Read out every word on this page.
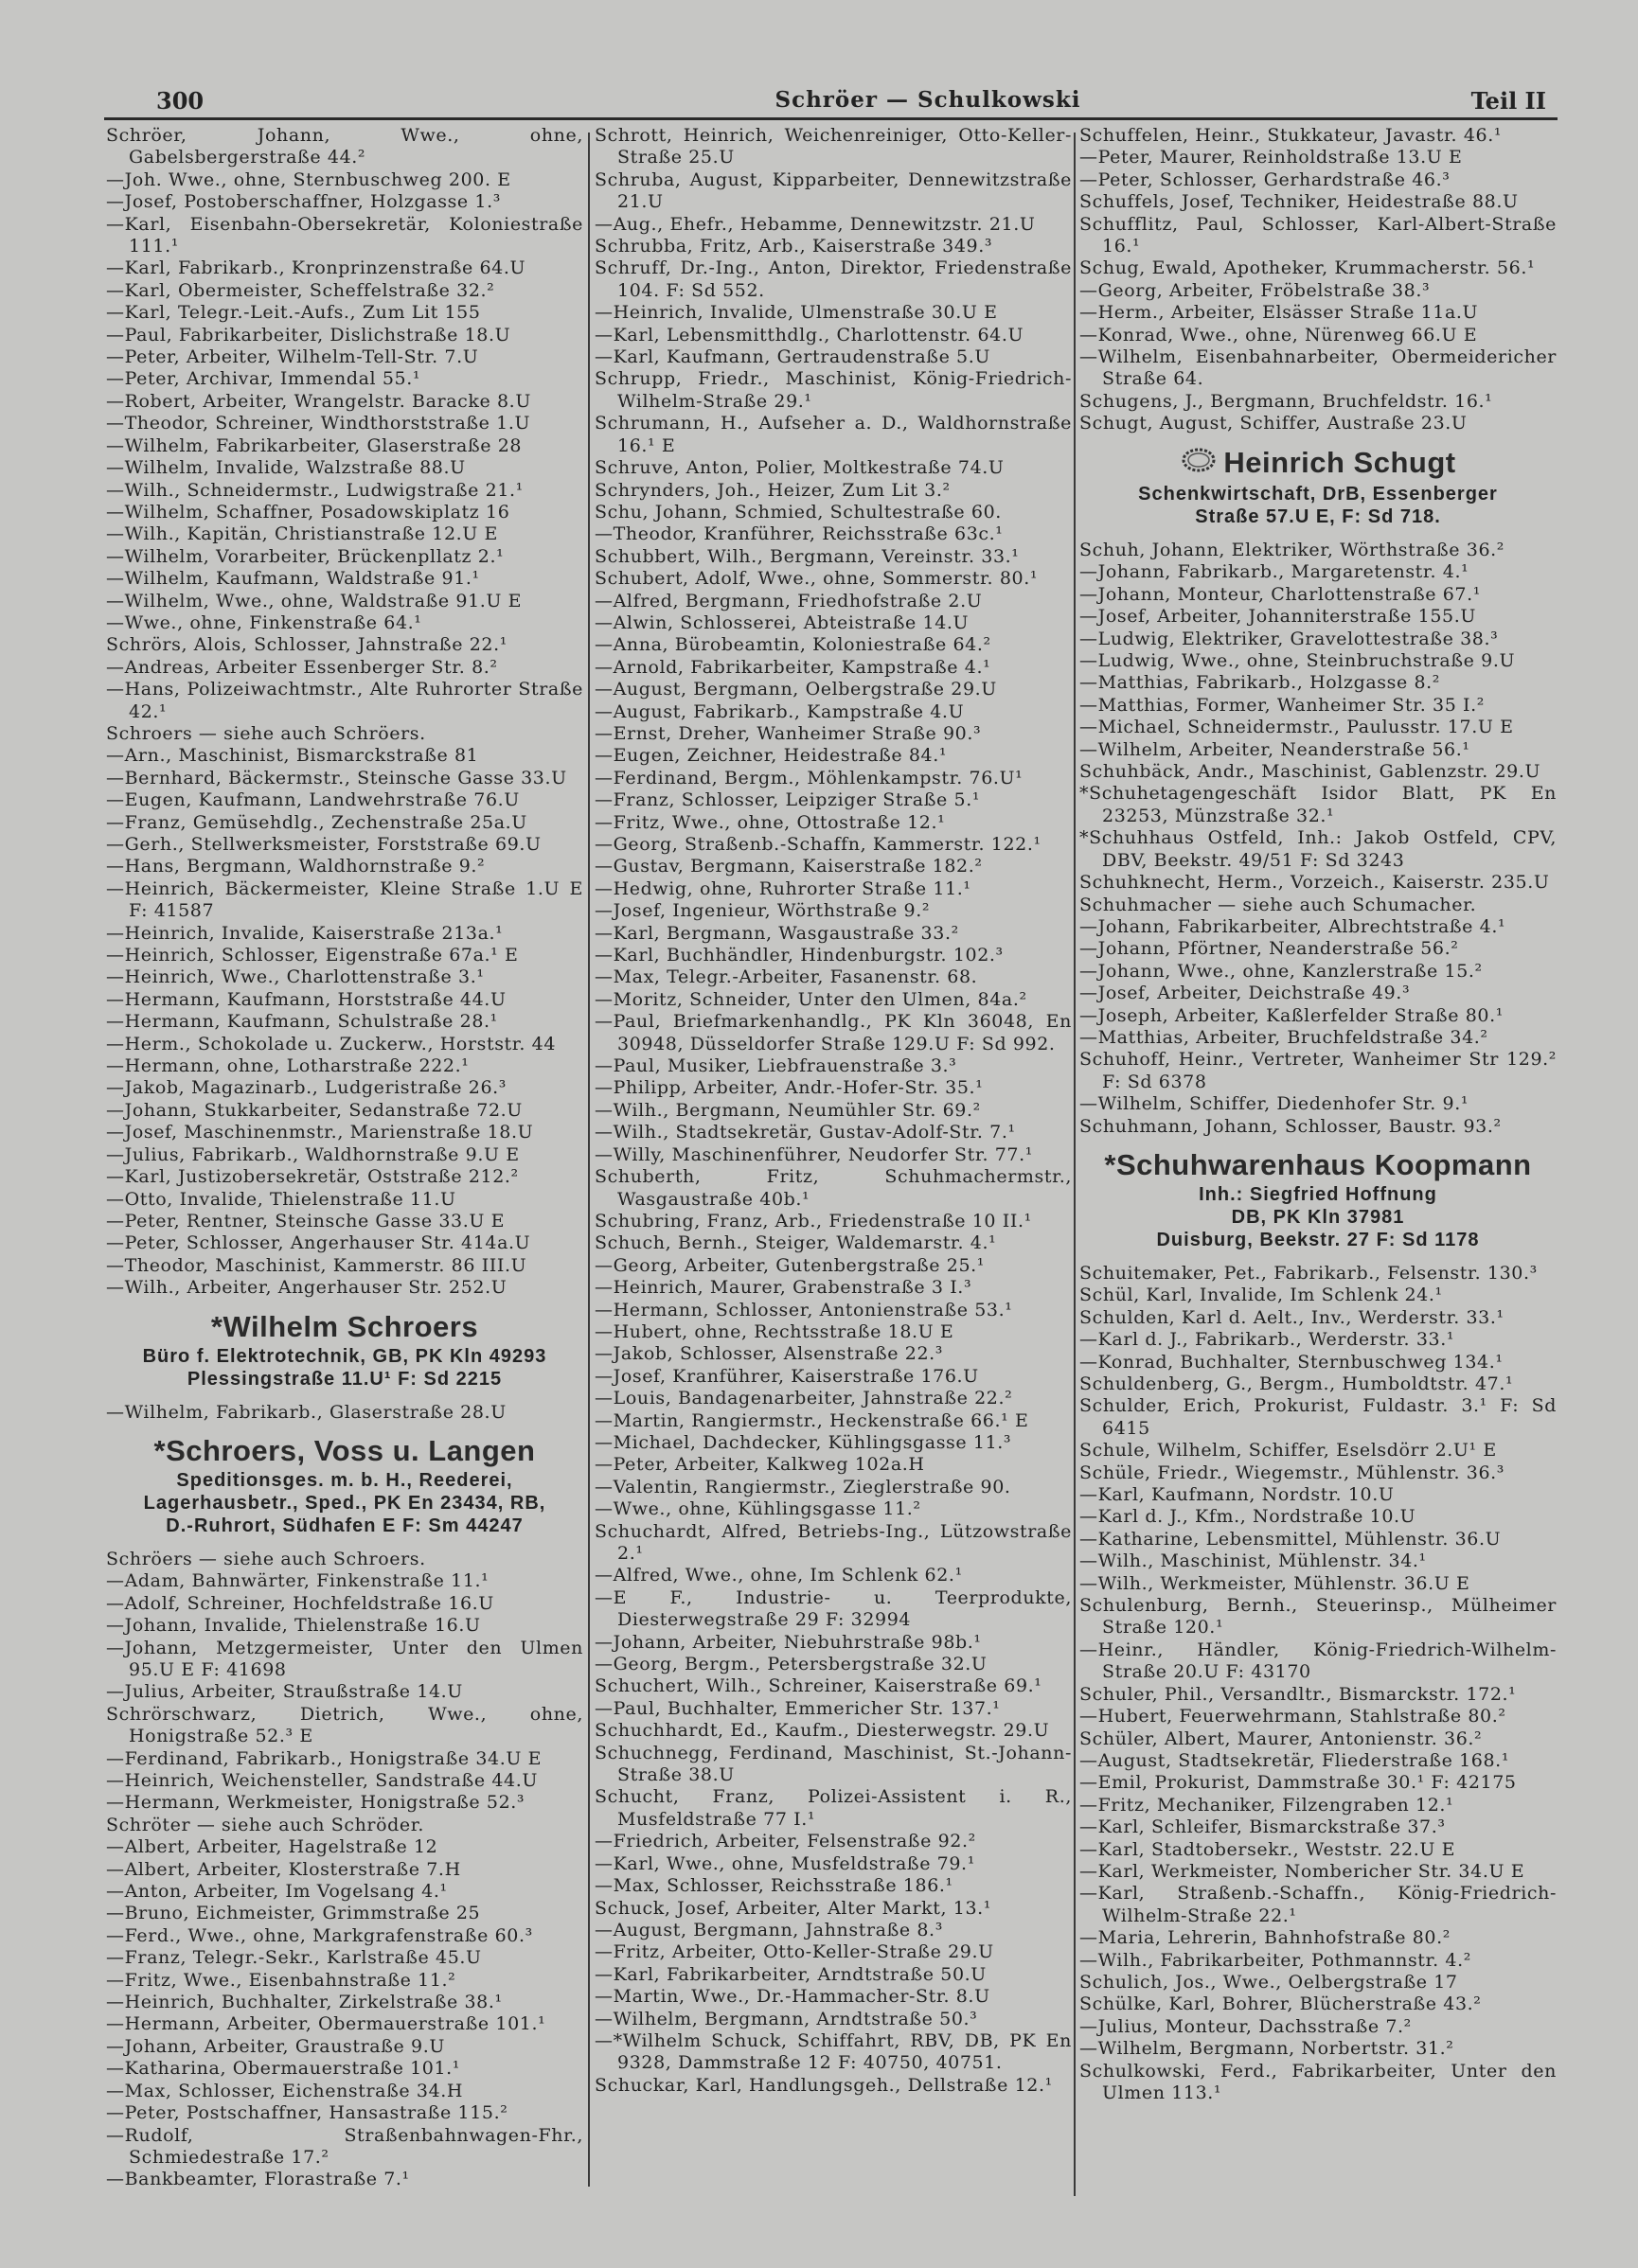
300	Schröer — Schulkowski	Teil II
Schröer, Johann, Wwe., ohne, Gabelsbergerstraße 44.²
—Joh. Wwe., ohne, Sternbuschweg 200. E
—Josef, Postoberschaffner, Holzgasse 1.³
—Karl, Eisenbahn-Obersekretär, Koloniestraße 111.¹
—Karl, Fabrikarb., Kronprinzenstraße 64.U
—Karl, Obermeister, Scheffelstraße 32.²
—Karl, Telegr.-Leit.-Aufs., Zum Lit 155
—Paul, Fabrikarbeiter, Dislichstraße 18.U
—Peter, Arbeiter, Wilhelm-Tell-Str. 7.U
—Peter, Archivar, Immendal 55.¹
—Robert, Arbeiter, Wrangelstr. Baracke 8.U
—Theodor, Schreiner, Windthorststraße 1.U
—Wilhelm, Fabrikarbeiter, Glaserstraße 28
—Wilhelm, Invalide, Walzstraße 88.U
—Wilh., Schneidermstr., Ludwigstraße 21.¹
—Wilhelm, Schaffner, Posadowskiplatz 16
—Wilh., Kapitän, Christianstraße 12.U E
—Wilhelm, Vorarbeiter, Brückenpllatz 2.¹
—Wilhelm, Kaufmann, Waldstraße 91.¹
—Wilhelm, Wwe., ohne, Waldstraße 91.U E
—Wwe., ohne, Finkenstraße 64.¹
Schrörs, Alois, Schlosser, Jahnstraße 22.¹
—Andreas, Arbeiter Essenberger Str. 8.²
—Hans, Polizeiwachtmstr., Alte Ruhrorter Straße 42.¹
Schroers — siehe auch Schröers.
—Arn., Maschinist, Bismarckstraße 81
—Bernhard, Bäckermstr., Steinsche Gasse 33.U
—Eugen, Kaufmann, Landwehrstraße 76.U
—Franz, Gemüsehdlg., Zechenstraße 25a.U
—Gerh., Stellwerksmeister, Forststraße 69.U
—Hans, Bergmann, Waldhornstraße 9.²
—Heinrich, Bäckermeister, Kleine Straße 1.U E F: 41587
—Heinrich, Invalide, Kaiserstraße 213a.¹
—Heinrich, Schlosser, Eigenstraße 67a.¹ E
—Heinrich, Wwe., Charlottenstraße 3.¹
—Hermann, Kaufmann, Horststraße 44.U
—Hermann, Kaufmann, Schulstraße 28.¹
—Herm., Schokolade u. Zuckerw., Horststr. 44
—Hermann, ohne, Lotharstraße 222.¹
—Jakob, Magazinarb., Ludgeristraße 26.³
—Johann, Stukkarbeiter, Sedanstraße 72.U
—Josef, Maschinenmstr., Marienstraße 18.U
—Julius, Fabrikarb., Waldhornstraße 9.U E
—Karl, Justizobersekretär, Oststraße 212.²
—Otto, Invalide, Thielenstraße 11.U
—Peter, Rentner, Steinsche Gasse 33.U E
—Peter, Schlosser, Angerhauser Str. 414a.U
—Theodor, Maschinist, Kammerstr. 86 III.U
—Wilh., Arbeiter, Angerhauser Str. 252.U
*Wilhelm Schroers
Büro f. Elektrotechnik, GB, PK Kln 49293
Plessingstraße 11.U¹ F: Sd 2215
—Wilhelm, Fabrikarb., Glaserstraße 28.U
*Schroers, Voss u. Langen
Speditionsges. m. b. H., Reederei,
Lagerhausbetr., Sped., PK En 23434, RB,
D.-Ruhrort, Südhafen E F: Sm 44247
Schröers — siehe auch Schroers.
—Adam, Bahnwärter, Finkenstraße 11.¹
—Adolf, Schreiner, Hochfeldstraße 16.U
—Johann, Invalide, Thielenstraße 16.U
—Johann, Metzgermeister, Unter den Ulmen 95.U E F: 41698
—Julius, Arbeiter, Straußstraße 14.U
Schrörschwarz, Dietrich, Wwe., ohne, Honigstraße 52.³ E
—Ferdinand, Fabrikarb., Honigstraße 34.U E
—Heinrich, Weichensteller, Sandstraße 44.U
—Hermann, Werkmeister, Honigstraße 52.³
Schröter — siehe auch Schröder.
—Albert, Arbeiter, Hagelstraße 12
—Albert, Arbeiter, Klosterstraße 7.H
—Anton, Arbeiter, Im Vogelsang 4.¹
—Bruno, Eichmeister, Grimmstraße 25
—Ferd., Wwe., ohne, Markgrafenstraße 60.³
—Franz, Telegr.-Sekr., Karlstraße 45.U
—Fritz, Wwe., Eisenbahnstraße 11.²
—Heinrich, Buchhalter, Zirkelstraße 38.¹
—Hermann, Arbeiter, Obermauerstraße 101.¹
—Johann, Arbeiter, Graustraße 9.U
—Katharina, Obermauerstraße 101.¹
—Max, Schlosser, Eichenstraße 34.H
—Peter, Postschaffner, Hansastraße 115.²
—Rudolf, Straßenbahnwagen-Fhr., Schmiedestraße 17.²
—Bankbeamter, Florastraße 7.¹
Schrott, Heinrich, Weichenreiniger, Otto-Keller-Straße 25.U
Schruba, August, Kipparbeiter, Dennewitzstraße 21.U
—Aug., Ehefr., Hebamme, Dennewitzstr. 21.U
Schrubba, Fritz, Arb., Kaiserstraße 349.³
Schruff, Dr.-Ing., Anton, Direktor, Friedenstraße 104. F: Sd 552.
—Heinrich, Invalide, Ulmenstraße 30.U E
—Karl, Lebensmitthdlg., Charlottenstr. 64.U
—Karl, Kaufmann, Gertraudenstraße 5.U
Schrupp, Friedr., Maschinist, König-Friedrich-Wilhelm-Straße 29.¹
Schrumann, H., Aufseher a. D., Waldhornstraße 16.¹ E
Schruve, Anton, Polier, Moltkestraße 74.U
Schrynders, Joh., Heizer, Zum Lit 3.²
Schu, Johann, Schmied, Schultestraße 60.
—Theodor, Kranführer, Reichsstraße 63c.¹
Schubbert, Wilh., Bergmann, Vereinstr. 33.¹
Schubert, Adolf, Wwe., ohne, Sommerstr. 80.¹
—Alfred, Bergmann, Friedhofstraße 2.U
—Alwin, Schlosserei, Abteistraße 14.U
—Anna, Bürobeamtin, Koloniestraße 64.²
—Arnold, Fabrikarbeiter, Kampstraße 4.¹
—August, Bergmann, Oelbergstraße 29.U
—August, Fabrikarb., Kampstraße 4.U
—Ernst, Dreher, Wanheimer Straße 90.³
—Eugen, Zeichner, Heidestraße 84.¹
—Ferdinand, Bergm., Möhlenkampstr. 76.U¹
—Franz, Schlosser, Leipziger Straße 5.¹
—Fritz, Wwe., ohne, Ottostraße 12.¹
—Georg, Straßenb.-Schaffn, Kammerstr. 122.¹
—Gustav, Bergmann, Kaiserstraße 182.²
—Hedwig, ohne, Ruhrorter Straße 11.¹
—Josef, Ingenieur, Wörthstraße 9.²
—Karl, Bergmann, Wasgaustraße 33.²
—Karl, Buchhändler, Hindenburgstr. 102.³
—Max, Telegr.-Arbeiter, Fasanenstr. 68.
—Moritz, Schneider, Unter den Ulmen, 84a.²
—Paul, Briefmarkenhandlg., PK Kln 36048, En 30948, Düsseldorfer Straße 129.U F: Sd 992.
—Paul, Musiker, Liebfrauenstraße 3.³
—Philipp, Arbeiter, Andr.-Hofer-Str. 35.¹
—Wilh., Bergmann, Neumühler Str. 69.²
—Wilh., Stadtsekretär, Gustav-Adolf-Str. 7.¹
—Willy, Maschinenführer, Neudorfer Str. 77.¹
Schuberth, Fritz, Schuhmachermstr., Wasgaustraße 40b.¹
Schubring, Franz, Arb., Friedenstraße 10 II.¹
Schuch, Bernh., Steiger, Waldemarstr. 4.¹
—Georg, Arbeiter, Gutenbergstraße 25.¹
—Heinrich, Maurer, Grabenstraße 3 I.³
—Hermann, Schlosser, Antonienstraße 53.¹
—Hubert, ohne, Rechtsstraße 18.U E
—Jakob, Schlosser, Alsenstraße 22.³
—Josef, Kranführer, Kaiserstraße 176.U
—Louis, Bandagenarbeiter, Jahnstraße 22.²
—Martin, Rangiermstr., Heckenstraße 66.¹ E
—Michael, Dachdecker, Kühlingsgasse 11.³
—Peter, Arbeiter, Kalkweg 102a.H
—Valentin, Rangiermstr., Zieglerstraße 90.
—Wwe., ohne, Kühlingsgasse 11.²
Schuchardt, Alfred, Betriebs-Ing., Lützowstraße 2.¹
—Alfred, Wwe., ohne, Im Schlenk 62.¹
—E F., Industrie- u. Teerprodukte, Diesterwegstraße 29 F: 32994
—Johann, Arbeiter, Niebuhrstraße 98b.¹
—Georg, Bergm., Petersbergstraße 32.U
Schuchert, Wilh., Schreiner, Kaiserstraße 69.¹
—Paul, Buchhalter, Emmericher Str. 137.¹
Schuchhardt, Ed., Kaufm., Diesterwegstr. 29.U
Schuchnegg, Ferdinand, Maschinist, St.-Johann-Straße 38.U
Schucht, Franz, Polizei-Assistent i. R., Musfeldstraße 77 I.¹
—Friedrich, Arbeiter, Felsenstraße 92.²
—Karl, Wwe., ohne, Musfeldstraße 79.¹
—Max, Schlosser, Reichsstraße 186.¹
Schuck, Josef, Arbeiter, Alter Markt, 13.¹
—August, Bergmann, Jahnstraße 8.³
—Fritz, Arbeiter, Otto-Keller-Straße 29.U
—Karl, Fabrikarbeiter, Arndtstraße 50.U
—Martin, Wwe., Dr.-Hammacher-Str. 8.U
—Wilhelm, Bergmann, Arndtstraße 50.³
—*Wilhelm Schuck, Schiffahrt, RBV, DB, PK En 9328, Dammstraße 12 F: 40750, 40751.
Schuckar, Karl, Handlungsgeh., Dellstraße 12.¹
Schuffelen, Heinr., Stukkateur, Javastr. 46.¹
—Peter, Maurer, Reinholdstraße 13.U E
—Peter, Schlosser, Gerhardstraße 46.³
Schuffels, Josef, Techniker, Heidestraße 88.U
Schufflitz, Paul, Schlosser, Karl-Albert-Straße 16.¹
Schug, Ewald, Apotheker, Krummacherstr. 56.¹
—Georg, Arbeiter, Fröbelstraße 38.³
—Herm., Arbeiter, Elsässer Straße 11a.U
—Konrad, Wwe., ohne, Nürenweg 66.U E
—Wilhelm, Eisenbahnarbeiter, Obermeidericher Straße 64.
Schugens, J., Bergmann, Bruchfeldstr. 16.¹
Schugt, August, Schiffer, Austraße 23.U
Heinrich Schugt
Schenkwirtschaft, DrB, Essenberger
Straße 57.U E, F: Sd 718.
Schuh, Johann, Elektriker, Wörthstraße 36.²
—Johann, Fabrikarb., Margaretenstr. 4.¹
—Johann, Monteur, Charlottenstraße 67.¹
—Josef, Arbeiter, Johanniterstraße 155.U
—Ludwig, Elektriker, Gravelottestraße 38.³
—Ludwig, Wwe., ohne, Steinbruchstraße 9.U
—Matthias, Fabrikarb., Holzgasse 8.²
—Matthias, Former, Wanheimer Str. 35 I.²
—Michael, Schneidermstr., Paulusstr. 17.U E
—Wilhelm, Arbeiter, Neanderstraße 56.¹
Schuhbäck, Andr., Maschinist, Gablenzstr. 29.U
*Schuhetagengeschäft Isidor Blatt, PK En 23253, Münzstraße 32.¹
*Schuhhaus Ostfeld, Inh.: Jakob Ostfeld, CPV, DBV, Beekstr. 49/51 F: Sd 3243
Schuhknecht, Herm., Vorzeich., Kaiserstr. 235.U
Schuhmacher — siehe auch Schumacher.
—Johann, Fabrikarbeiter, Albrechtstraße 4.¹
—Johann, Pförtner, Neanderstraße 56.²
—Johann, Wwe., ohne, Kanzlerstraße 15.²
—Josef, Arbeiter, Deichstraße 49.³
—Joseph, Arbeiter, Kaßlerfelder Straße 80.¹
—Matthias, Arbeiter, Bruchfeldstraße 34.²
Schuhoff, Heinr., Vertreter, Wanheimer Str 129.² F: Sd 6378
—Wilhelm, Schiffer, Diedenhofer Str. 9.¹
Schuhmann, Johann, Schlosser, Baustr. 93.²
*Schuhwarenhaus Koopmann
Inh.: Siegfried Hoffnung
DB, PK Kln 37981
Duisburg, Beekstr. 27 F: Sd 1178
Schuitemaker, Pet., Fabrikarb., Felsenstr. 130.³
Schül, Karl, Invalide, Im Schlenk 24.¹
Schulden, Karl d. Aelt., Inv., Werderstr. 33.¹
—Karl d. J., Fabrikarb., Werderstr. 33.¹
—Konrad, Buchhalter, Sternbuschweg 134.¹
Schuldenberg, G., Bergm., Humboldtstr. 47.¹
Schulder, Erich, Prokurist, Fuldastr. 3.¹ F: Sd 6415
Schule, Wilhelm, Schiffer, Eselsdörr 2.U¹ E
Schüle, Friedr., Wiegemstr., Mühlenstr. 36.³
—Karl, Kaufmann, Nordstr. 10.U
—Karl d. J., Kfm., Nordstraße 10.U
—Katharine, Lebensmittel, Mühlenstr. 36.U
—Wilh., Maschinist, Mühlenstr. 34.¹
—Wilh., Werkmeister, Mühlenstr. 36.U E
Schulenburg, Bernh., Steuerinsp., Mülheimer Straße 120.¹
—Heinr., Händler, König-Friedrich-Wilhelm-Straße 20.U F: 43170
Schuler, Phil., Versandltr., Bismarckstr. 172.¹
—Hubert, Feuerwehrmann, Stahlstraße 80.²
Schüler, Albert, Maurer, Antonienstr. 36.²
—August, Stadtsekretär, Fliederstraße 168.¹
—Emil, Prokurist, Dammstraße 30.¹ F: 42175
—Fritz, Mechaniker, Filzengraben 12.¹
—Karl, Schleifer, Bismarckstraße 37.³
—Karl, Stadtobersekr., Weststr. 22.U E
—Karl, Werkmeister, Nombericher Str. 34.U E
—Karl, Straßenb.-Schaffn., König-Friedrich-Wilhelm-Straße 22.¹
—Maria, Lehrerin, Bahnhofstraße 80.²
—Wilh., Fabrikarbeiter, Pothmannstr. 4.²
Schulich, Jos., Wwe., Oelbergstraße 17
Schülke, Karl, Bohrer, Blücherstraße 43.²
—Julius, Monteur, Dachsstraße 7.²
—Wilhelm, Bergmann, Norbertstr. 31.²
Schulkowski, Ferd., Fabrikarbeiter, Unter den Ulmen 113.¹
